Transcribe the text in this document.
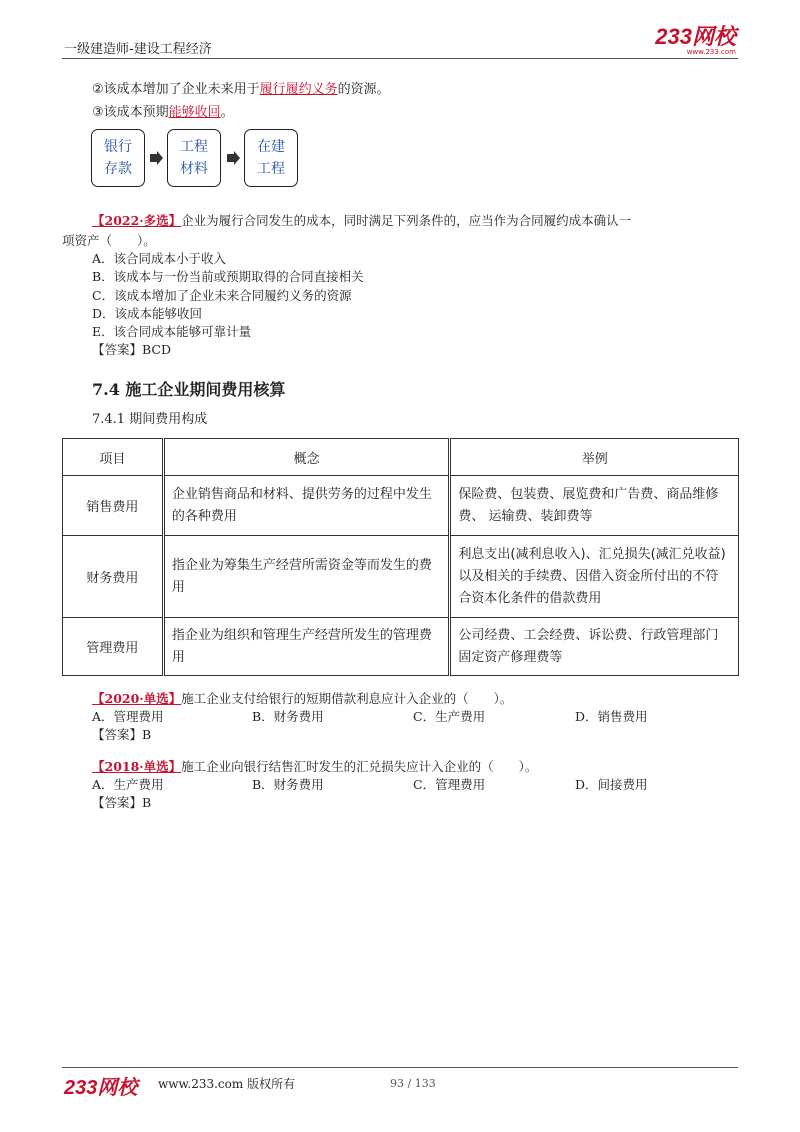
一级建造师-建设工程经济
233网校
www.233.com
②该成本增加了企业未来用于履行履约义务的资源。
③该成本预期能够收回。
银行
存款
工程
材料
在建
工程
【2022·多选】企业为履行合同发生的成本，同时满足下列条件的，应当作为合同履约成本确认一
项资产（　　）。
A．该合同成本小于收入
B．该成本与一份当前或预期取得的合同直接相关
C．该成本增加了企业未来合同履约义务的资源
D．该成本能够收回
E．该合同成本能够可靠计量
【答案】BCD
7.4 施工企业期间费用核算
7.4.1 期间费用构成
项目	概念	举例
销售费用	企业销售商品和材料、提供劳务的过程中发生的各种费用	保险费、包装费、展览费和广告费、商品维修费、 运输费、装卸费等
财务费用	指企业为筹集生产经营所需资金等而发生的费用	利息支出(减利息收入)、汇兑损失(减汇兑收益)以及相关的手续费、因借入资金所付出的不符合资本化条件的借款费用
管理费用	指企业为组织和管理生产经营所发生的管理费用	公司经费、工会经费、诉讼费、行政管理部门固定资产修理费等
【2020·单选】施工企业支付给银行的短期借款利息应计入企业的（　　）。
A．管理费用	B．财务费用	C．生产费用	D．销售费用
【答案】B
【2018·单选】施工企业向银行结售汇时发生的汇兑损失应计入企业的（　　）。
A．生产费用	B．财务费用	C．管理费用	D．间接费用
【答案】B
233网校 www.233.com 版权所有	93 / 133
